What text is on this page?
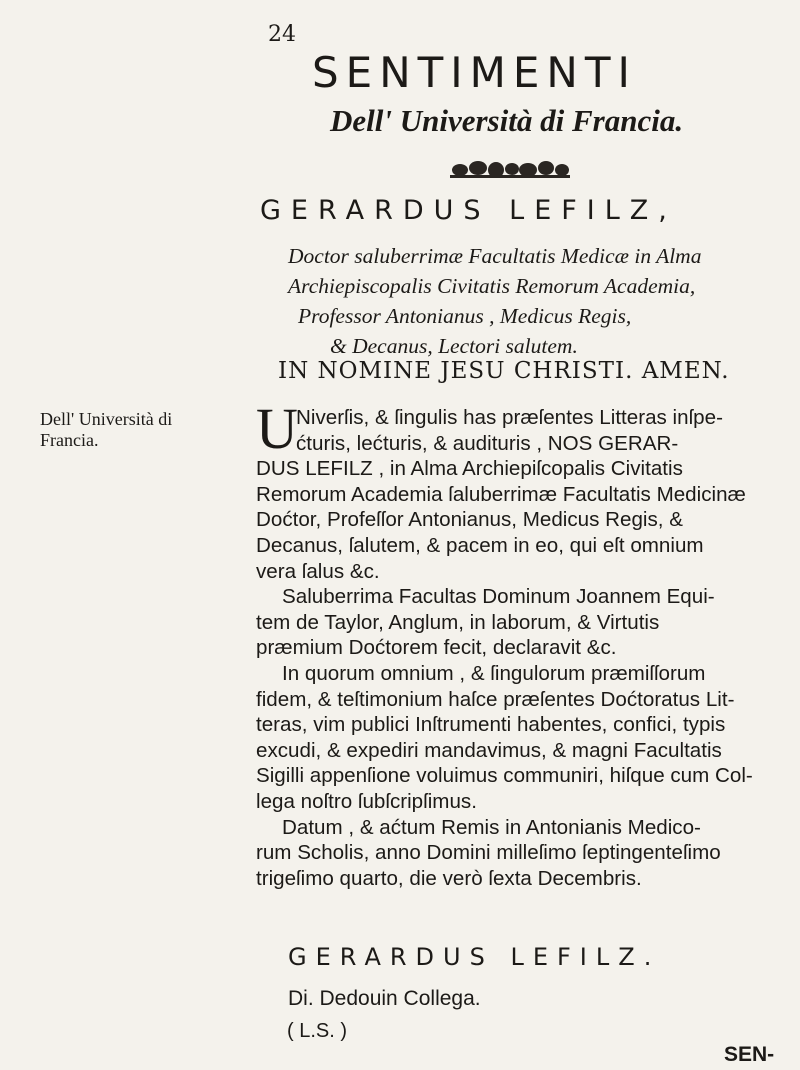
24
SENTIMENTI
Dell' Università di Francia.
GERARDUS LEFILZ,
Doctor saluberrimæ Facultatis Medicæ in Alma
Archiepiscopalis Civitatis Remorum Academia,
Professor Antonianus , Medicus Regis,
& Decanus, Lectori salutem.
IN NOMINE JESU CHRISTI. AMEN.
Dell' Università di
Francia.	U
Niverſis, & ſingulis has præſentes Litteras inſpe-
ćturis, lećturis, & audituris , NOS GERAR-
DUS LEFILZ , in Alma Archiepiſcopalis Civitatis
Remorum Academia ſaluberrimæ Facultatis Medicinæ
Doćtor, Profeſſor Antonianus, Medicus Regis, &
Decanus, ſalutem, & pacem in eo, qui eſt omnium
vera ſalus &c.
Saluberrima Facultas Dominum Joannem Equi-
tem de Taylor, Anglum, in laborum, & Virtutis
præmium Doćtorem fecit, declaravit &c.
In quorum omnium , & ſingulorum præmiſſorum
fidem, & teſtimonium haſce præſentes Doćtoratus Lit-
teras, vim publici Inſtrumenti habentes, confici, typis
excudi, & expediri mandavimus, & magni Facultatis
Sigilli appenſione voluimus communiri, hiſque cum Col-
lega noſtro ſubſcripſimus.
Datum , & aćtum Remis in Antonianis Medico-
rum Scholis, anno Domini milleſimo ſeptingenteſimo
trigeſimo quarto, die verò ſexta Decembris.
GERARDUS LEFILZ.
Di. Dedouin Collega.
( L.S. )
SEN-
